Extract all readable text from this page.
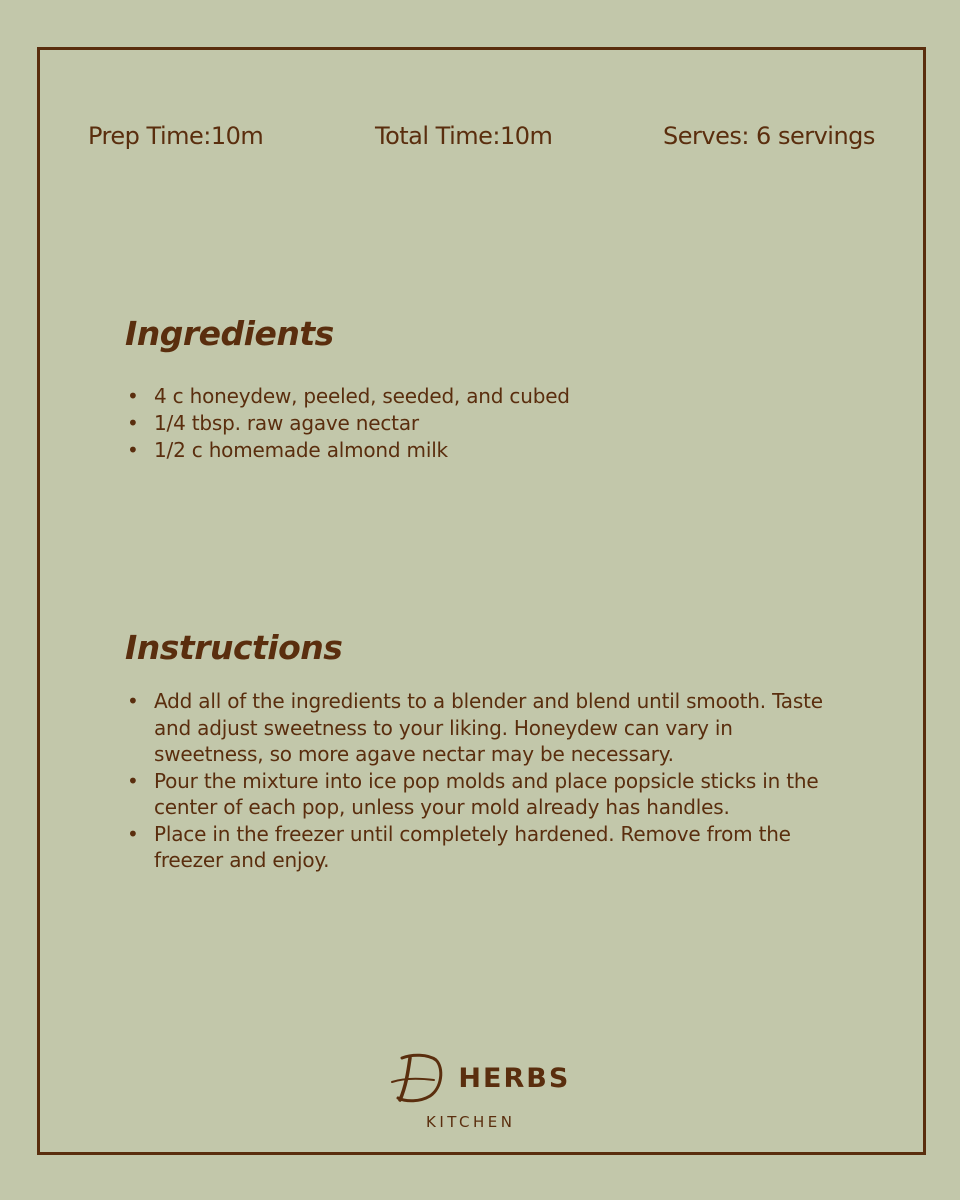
Prep Time:10m	Total Time:10m	Serves: 6 servings
Ingredients
• 4 c honeydew, peeled, seeded, and cubed
• 1/4 tbsp. raw agave nectar
• 1/2 c homemade almond milk
Instructions
• Add all of the ingredients to a blender and blend until smooth. Taste and adjust sweetness to your liking. Honeydew can vary in sweetness, so more agave nectar may be necessary.
• Pour the mixture into ice pop molds and place popsicle sticks in the center of each pop, unless your mold already has handles.
• Place in the freezer until completely hardened. Remove from the freezer and enjoy.
HERBS
KITCHEN
